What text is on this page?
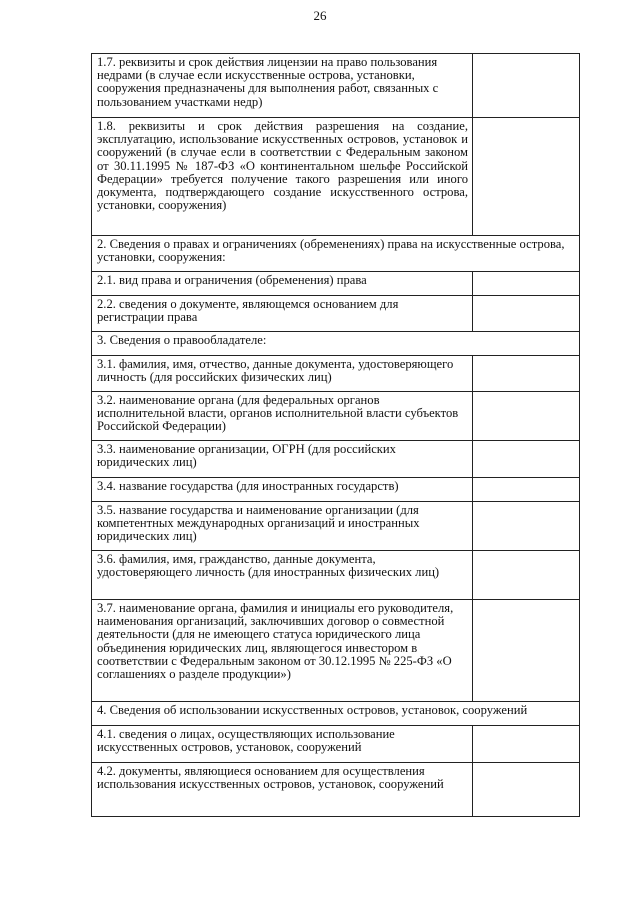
26
1.7. реквизиты и срок действия лицензии на право пользования недрами (в случае если искусственные острова, установки, сооружения предназначены для выполнения работ, связанных с пользованием участками недр)	
1.8. реквизиты и срок действия разрешения на создание, эксплуатацию, использование искусственных островов, установок и сооружений (в случае если в соответствии с Федеральным законом от 30.11.1995 № 187-ФЗ «О континентальном шельфе Российской Федерации» требуется получение такого разрешения или иного документа, подтверждающего создание искусственного острова, установки, сооружения)	
2. Сведения о правах и ограничениях (обременениях) права на искусственные острова, установки, сооружения:	
2.1. вид права и ограничения (обременения) права	
2.2. сведения о документе, являющемся основанием для регистрации права	
3. Сведения о правообладателе:	
3.1. фамилия, имя, отчество, данные документа, удостоверяющего личность (для российских физических лиц)	
3.2. наименование органа (для федеральных органов исполнительной власти, органов исполнительной власти субъектов Российской Федерации)	
3.3. наименование организации, ОГРН (для российских юридических лиц)	
3.4. название государства (для иностранных государств)	
3.5. название государства и наименование организации (для компетентных международных организаций и иностранных юридических лиц)	
3.6. фамилия, имя, гражданство, данные документа, удостоверяющего личность (для иностранных физических лиц)	
3.7. наименование органа, фамилия и инициалы его руководителя, наименования организаций, заключивших договор о совместной деятельности (для не имеющего статуса юридического лица объединения юридических лиц, являющегося инвестором в соответствии с Федеральным законом от 30.12.1995 № 225-ФЗ «О соглашениях о разделе продукции»)	
4. Сведения об использовании искусственных островов, установок, сооружений	
4.1. сведения о лицах, осуществляющих использование искусственных островов, установок, сооружений	
4.2. документы, являющиеся основанием для осуществления использования искусственных островов, установок, сооружений	
